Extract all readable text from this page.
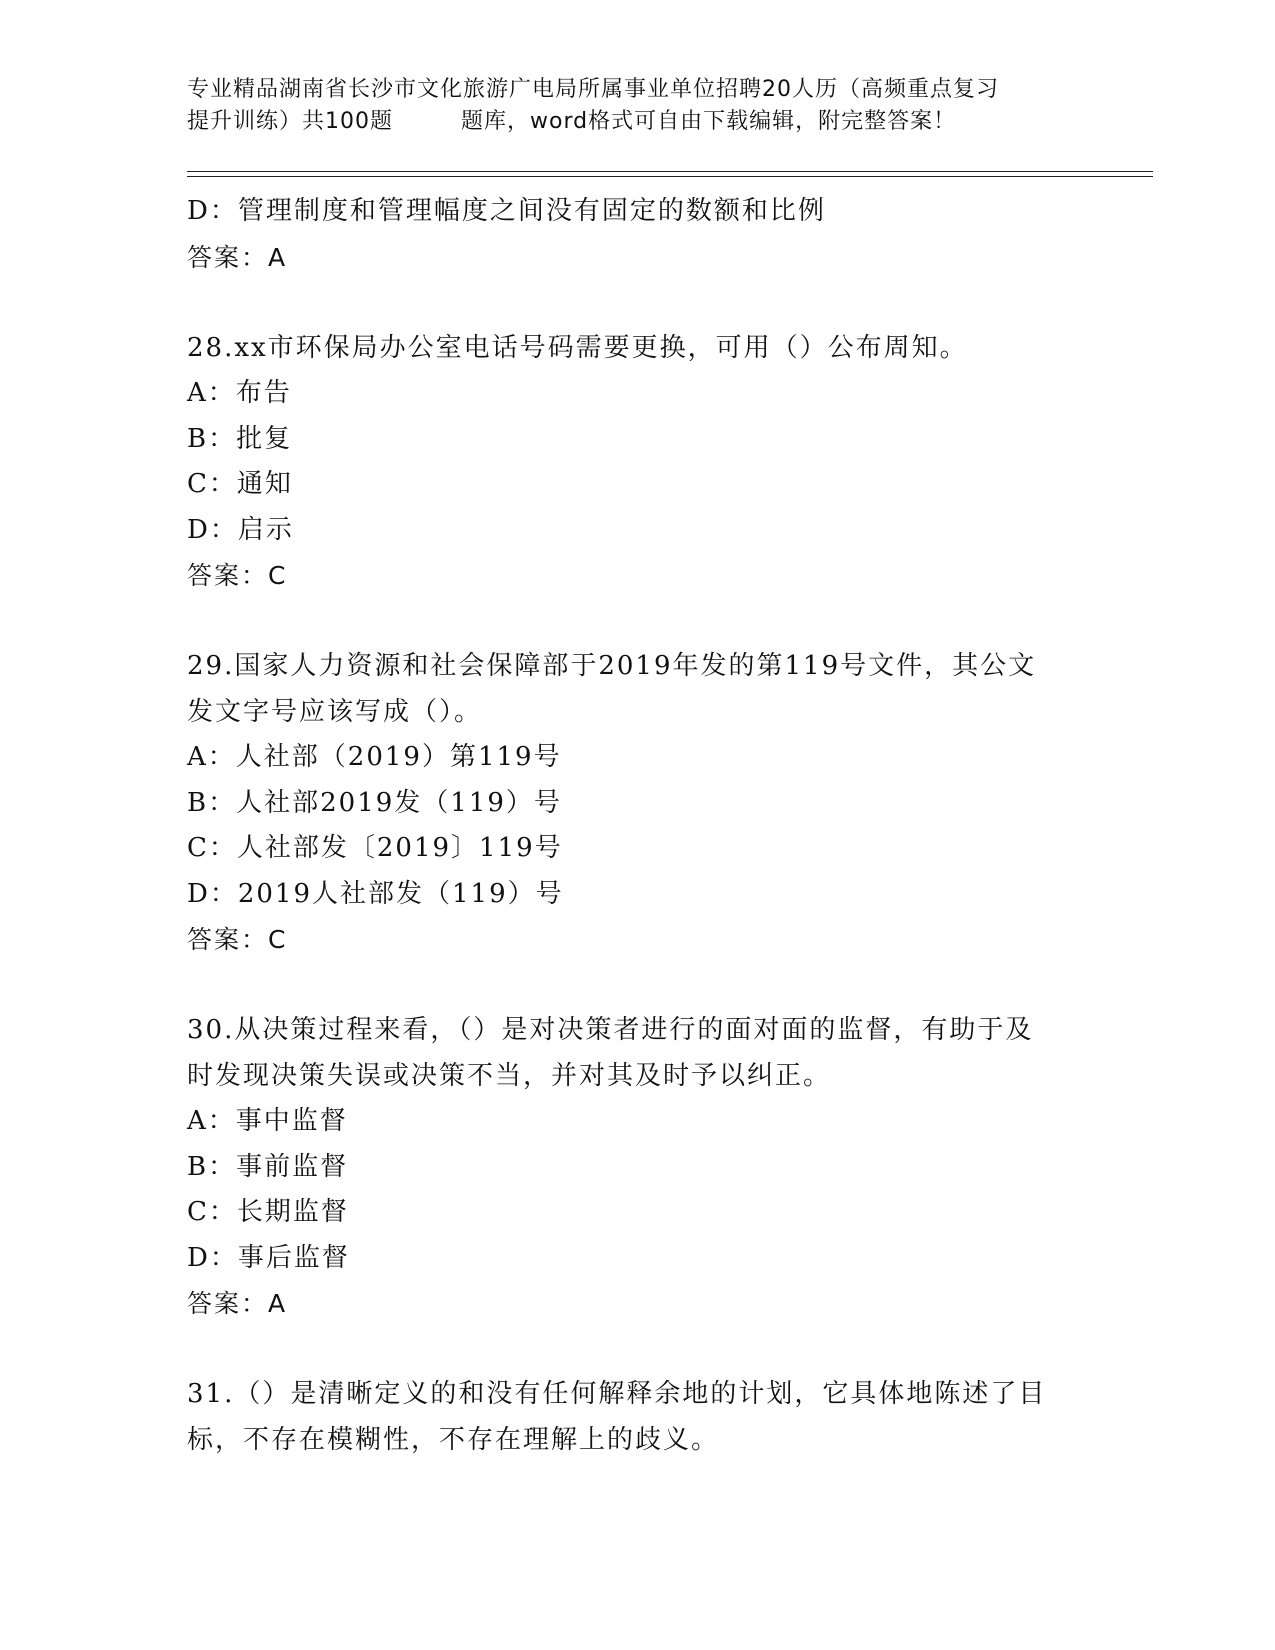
专业精品湖南省长沙市文化旅游广电局所属事业单位招聘20人历（高频重点复习
提升训练）共100题	题库，word格式可自由下载编辑，附完整答案！
D：管理制度和管理幅度之间没有固定的数额和比例
答案：A
28.xx市环保局办公室电话号码需要更换，可用（）公布周知。
A：布告
B：批复
C：通知
D：启示
答案：C
29.国家人力资源和社会保障部于2019年发的第119号文件，其公文
发文字号应该写成（）。
A：人社部（2019）第119号
B：人社部2019发（119）号
C：人社部发〔2019〕119号
D：2019人社部发（119）号
答案：C
30.从决策过程来看，（）是对决策者进行的面对面的监督，有助于及
时发现决策失误或决策不当，并对其及时予以纠正。
A：事中监督
B：事前监督
C：长期监督
D：事后监督
答案：A
31.（）是清晰定义的和没有任何解释余地的计划，它具体地陈述了目
标，不存在模糊性，不存在理解上的歧义。
